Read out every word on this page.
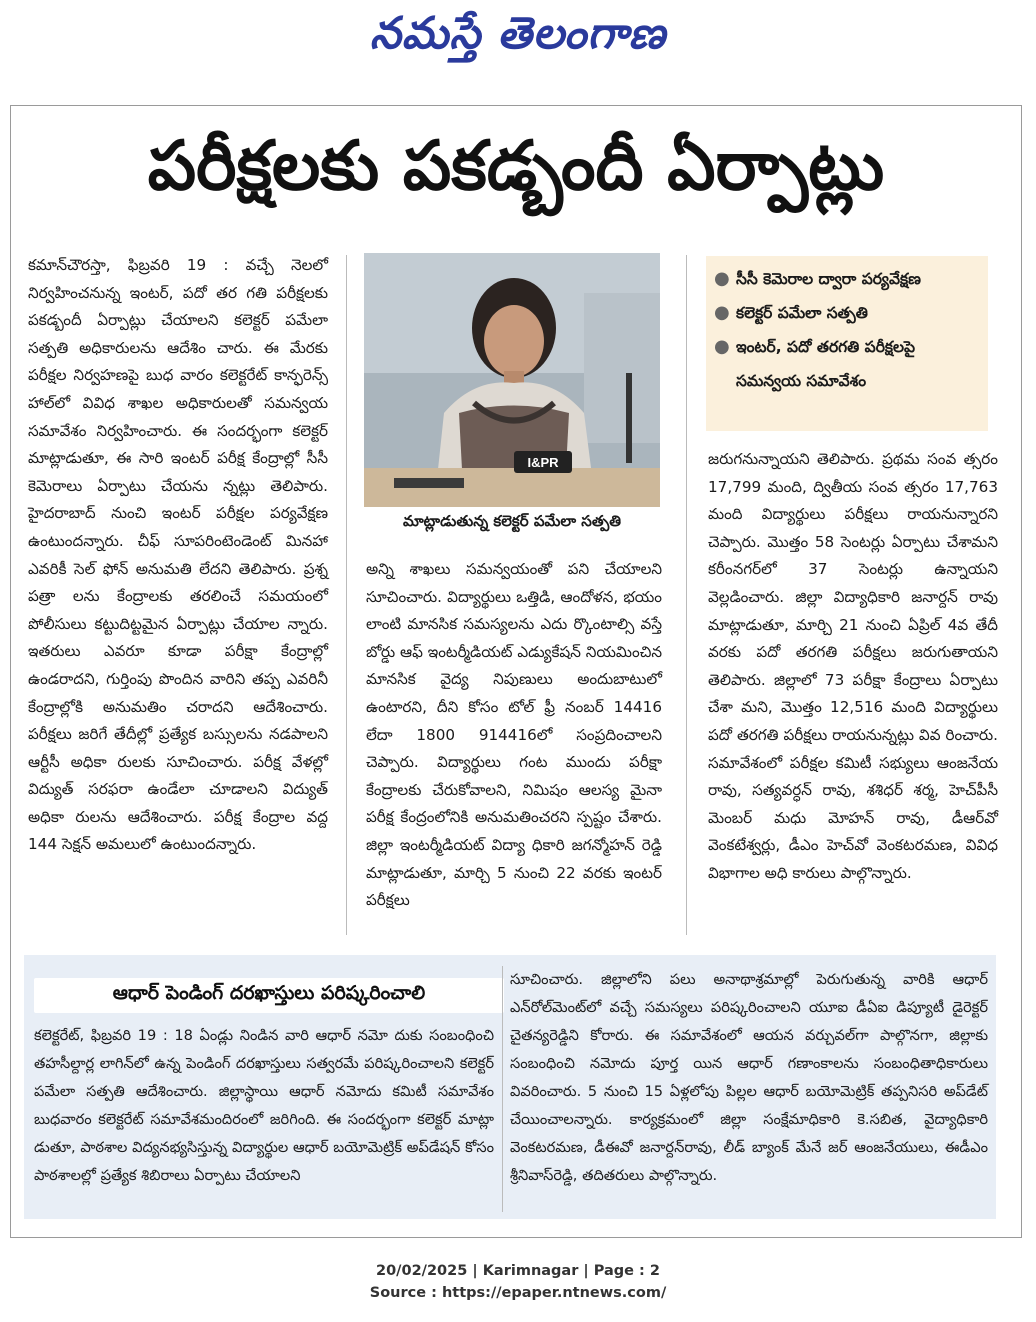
నమస్తే తెలంగాణ
పరీక్షలకు పకడ్బందీ ఏర్పాట్లు
కమాన్‌చౌరస్తా, ఫిబ్రవరి 19 : వచ్చే నెలలో నిర్వహించనున్న ఇంటర్, పదో తర గతి పరీక్షలకు పకడ్బందీ ఏర్పాట్లు చేయాలని కలెక్టర్ పమేలా సత్పతి అధికారులను ఆదేశిం చారు. ఈ మేరకు పరీక్షల నిర్వహణపై బుధ వారం కలెక్టరేట్ కాన్ఫరెన్స్ హాల్‌లో వివిధ శాఖల అధికారులతో సమన్వయ సమావేశం నిర్వహించారు. ఈ సందర్భంగా కలెక్టర్ మాట్లాడుతూ, ఈ సారి ఇంటర్ పరీక్ష కేంద్రాల్లో సీసీ కెమెరాలు ఏర్పాటు చేయను న్నట్లు తెలిపారు. హైదరాబాద్ నుంచి ఇంటర్ పరీక్షల పర్యవేక్షణ ఉంటుందన్నారు. చీఫ్ సూపరింటెండెంట్ మినహా ఎవరికీ సెల్ ఫోన్ అనుమతి లేదని తెలిపారు. ప్రశ్న పత్రా లను కేంద్రాలకు తరలించే సమయంలో పోలీసులు కట్టుదిట్టమైన ఏర్పాట్లు చేయాల న్నారు. ఇతరులు ఎవరూ కూడా పరీక్షా కేంద్రాల్లో ఉండరాదని, గుర్తింపు పొందిన వారిని తప్ప ఎవరినీ కేంద్రాల్లోకి అనుమతిం చరాదని ఆదేశించారు. పరీక్షలు జరిగే తేదీల్లో ప్రత్యేక బస్సులను నడపాలని ఆర్టీసీ అధికా రులకు సూచించారు. పరీక్ష వేళల్లో విద్యుత్ సరఫరా ఉండేలా చూడాలని విద్యుత్ అధికా రులను ఆదేశించారు. పరీక్ష కేంద్రాల వద్ద 144 సెక్షన్ అమలులో ఉంటుందన్నారు.
I&PR
మాట్లాడుతున్న కలెక్టర్ పమేలా సత్పతి
అన్ని శాఖలు సమన్వయంతో పని చేయాలని సూచించారు. విద్యార్థులు ఒత్తిడి, ఆందోళన, భయం లాంటి మానసిక సమస్యలను ఎదు ర్కొంటాల్సి వస్తే బోర్డు ఆఫ్ ఇంటర్మీడియట్ ఎడ్యుకేషన్ నియమించిన మానసిక వైద్య నిపుణులు అందుబాటులో ఉంటారని, దీని కోసం టోల్ ఫ్రీ నంబర్ 14416 లేదా 1800 914416లో సంప్రదించాలని చెప్పారు. విద్యార్థులు గంట ముందు పరీక్షా కేంద్రాలకు చేరుకోవాలని, నిమిషం ఆలస్య మైనా పరీక్ష కేంద్రంలోనికి అనుమతించరని స్పష్టం చేశారు. జిల్లా ఇంటర్మీడియట్ విద్యా ధికారి జగన్మోహన్ రెడ్డి మాట్లాడుతూ, మార్చి 5 నుంచి 22 వరకు ఇంటర్ పరీక్షలు
● సీసీ కెమెరాల ద్వారా పర్యవేక్షణ
● కలెక్టర్ పమేలా సత్పతి
● ఇంటర్, పదో తరగతి పరీక్షలపై సమన్వయ సమావేశం
జరుగనున్నాయని తెలిపారు. ప్రథమ సంవ త్సరం 17,799 మంది, ద్వితీయ సంవ త్సరం 17,763 మంది విద్యార్థులు పరీక్షలు రాయనున్నారని చెప్పారు. మొత్తం 58 సెంటర్లు ఏర్పాటు చేశామని కరీంనగర్‌లో 37 సెంటర్లు ఉన్నాయని వెల్లడించారు. జిల్లా విద్యాధికారి జనార్దన్ రావు మాట్లాడుతూ, మార్చి 21 నుంచి ఏప్రిల్ 4వ తేదీ వరకు పదో తరగతి పరీక్షలు జరుగుతాయని తెలిపారు. జిల్లాలో 73 పరీక్షా కేంద్రాలు ఏర్పాటు చేశా మని, మొత్తం 12,516 మంది విద్యార్థులు పదో తరగతి పరీక్షలు రాయనున్నట్లు వివ రించారు. సమావేశంలో పరీక్షల కమిటీ సభ్యులు ఆంజనేయ రావు, సత్యవర్ధన్ రావు, శశిధర్ శర్మ, హెచ్‌పీసీ మెంబర్ మధు మోహన్ రావు, డీఆర్‌వో వెంకటేశ్వర్లు, డీఎం హెచ్‌వో వెంకటరమణ, వివిధ విభాగాల అధి కారులు పాల్గొన్నారు.
ఆధార్ పెండింగ్ దరఖాస్తులు పరిష్కరించాలి
కలెక్టరేట్, ఫిబ్రవరి 19 : 18 ఏండ్లు నిండిన వారి ఆధార్ నమో దుకు సంబంధించి తహసీల్దార్ల లాగిన్‌లో ఉన్న పెండింగ్ దరఖాస్తులు సత్వరమే పరిష్కరించాలని కలెక్టర్ పమేలా సత్పతి ఆదేశించారు. జిల్లాస్థాయి ఆధార్ నమోదు కమిటీ సమావేశం బుధవారం కలెక్టరేట్ సమావేశమందిరంలో జరిగింది. ఈ సందర్భంగా కలెక్టర్ మాట్లా డుతూ, పాఠశాల విద్యనభ్యసిస్తున్న విద్యార్థుల ఆధార్ బయోమెట్రిక్ అప్‌డేషన్ కోసం పాఠశాలల్లో ప్రత్యేక శిబిరాలు ఏర్పాటు చేయాలని
సూచించారు. జిల్లాలోని పలు అనాథాశ్రమాల్లో పెరుగుతున్న వారికి ఆధార్ ఎన్‌రోల్‌మెంట్‌లో వచ్చే సమస్యలు పరిష్కరించాలని యూఐ డీఏఐ డిప్యూటీ డైరెక్టర్ చైతన్యరెడ్డిని కోరారు. ఈ సమావేశంలో ఆయన వర్చువల్‌గా పాల్గొనగా, జిల్లాకు సంబంధించి నమోదు పూర్త యిన ఆధార్ గణాంకాలను సంబంధితాధికారులు వివరించారు. 5 నుంచి 15 ఏళ్లలోపు పిల్లల ఆధార్ బయోమెట్రిక్ తప్పనిసరి అప్‌డేట్ చేయించాలన్నారు. కార్యక్రమంలో జిల్లా సంక్షేమాధికారి కె.సబిత, వైద్యాధికారి వెంకటరమణ, డీఈవో జనార్దన్‌రావు, లీడ్ బ్యాంక్ మేనే జర్ ఆంజనేయులు, ఈడీఎం శ్రీనివాస్‌రెడ్డి, తదితరులు పాల్గొన్నారు.
20/02/2025 | Karimnagar | Page : 2
Source : https://epaper.ntnews.com/
